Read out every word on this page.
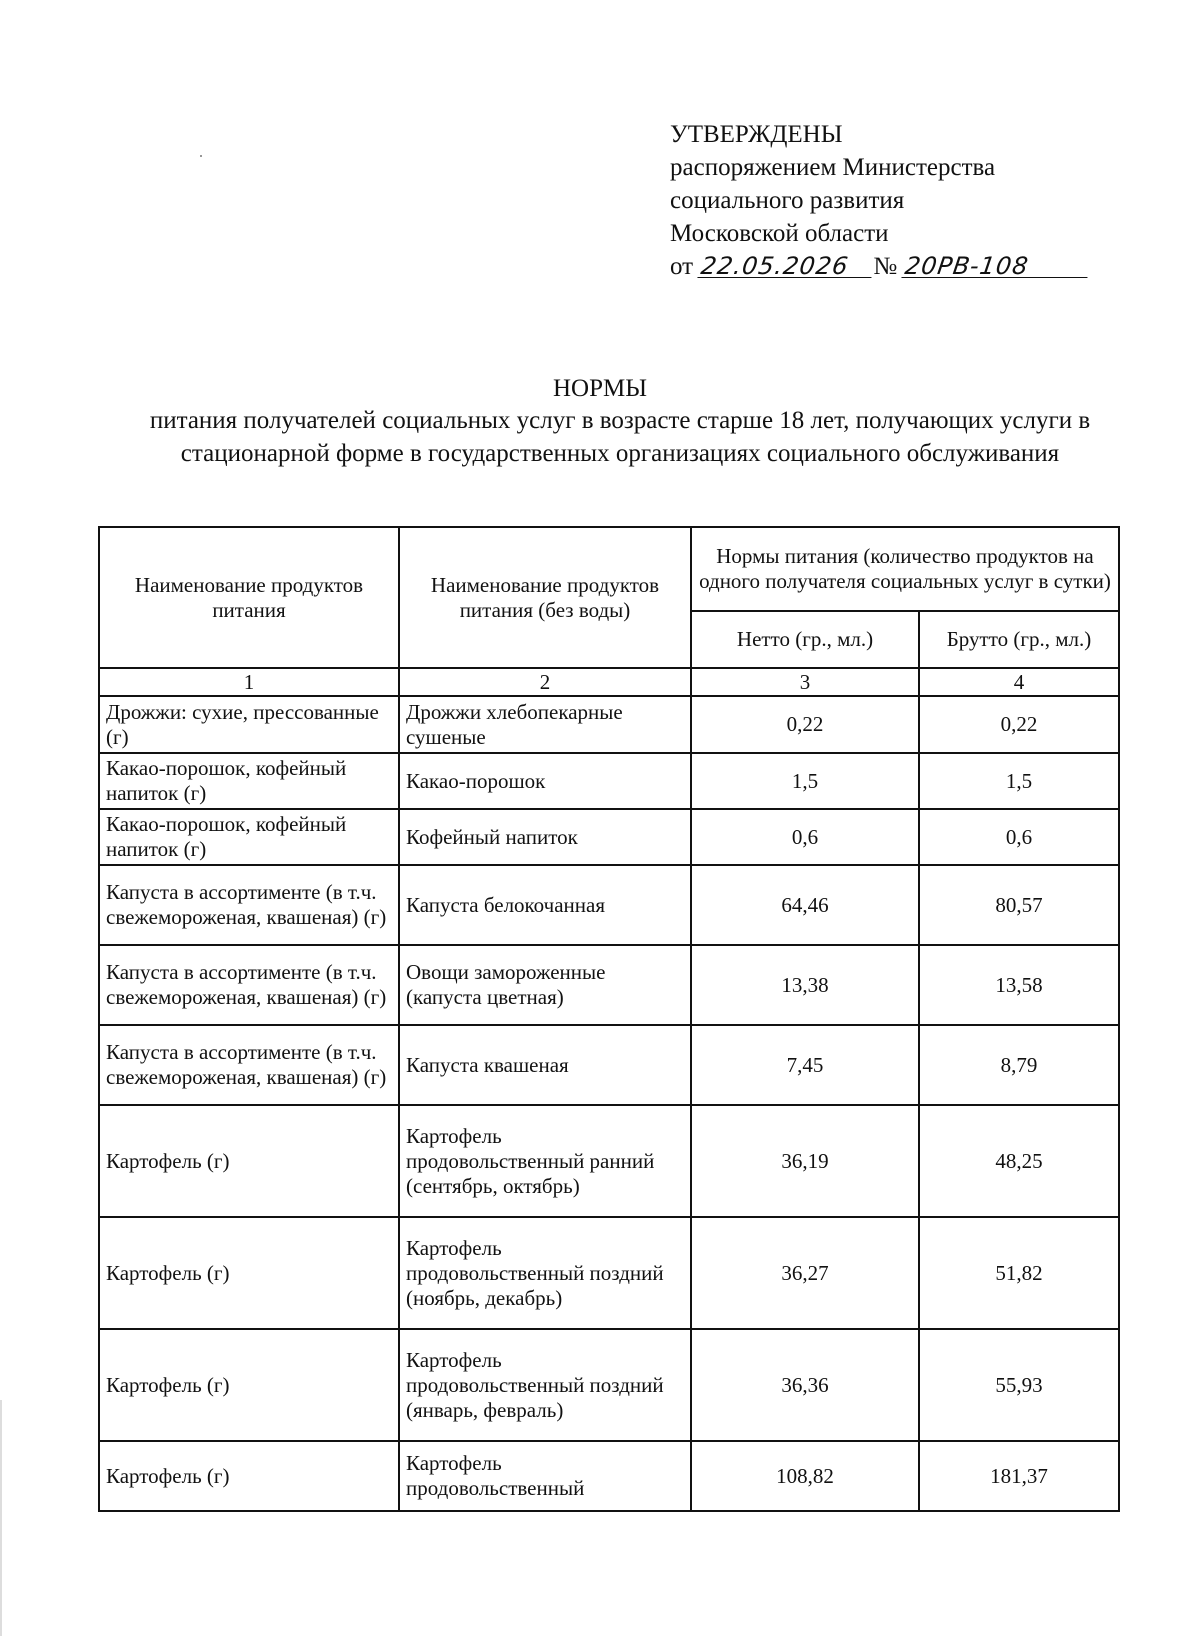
УТВЕРЖДЕНЫ
распоряжением Министерства
социального развития
Московской области
от 22.05.2026 № 20PB-108
НОРМЫ
питания получателей социальных услуг в возрасте старше 18 лет, получающих услуги в стационарной форме в государственных организациях социального обслуживания
Наименование продуктов питания	Наименование продуктов питания (без воды)	Нормы питания (количество продуктов на одного получателя социальных услуг в сутки)	
		Нетто (гр., мл.)	Брутто (гр., мл.)
1	2	3	4
Дрожжи: сухие, прессованные (г)	Дрожжи хлебопекарные сушеные	0,22	0,22
Какао-порошок, кофейный напиток (г)	Какао-порошок	1,5	1,5
Какао-порошок, кофейный напиток (г)	Кофейный напиток	0,6	0,6
Капуста в ассортименте (в т.ч. свежемороженая, квашеная) (г)	Капуста белокочанная	64,46	80,57
Капуста в ассортименте (в т.ч. свежемороженая, квашеная) (г)	Овощи замороженные (капуста цветная)	13,38	13,58
Капуста в ассортименте (в т.ч. свежемороженая, квашеная) (г)	Капуста квашеная	7,45	8,79
Картофель (г)	Картофель продовольственный ранний (сентябрь, октябрь)	36,19	48,25
Картофель (г)	Картофель продовольственный поздний (ноябрь, декабрь)	36,27	51,82
Картофель (г)	Картофель продовольственный поздний (январь, февраль)	36,36	55,93
Картофель (г)	Картофель продовольственный	108,82	181,37
